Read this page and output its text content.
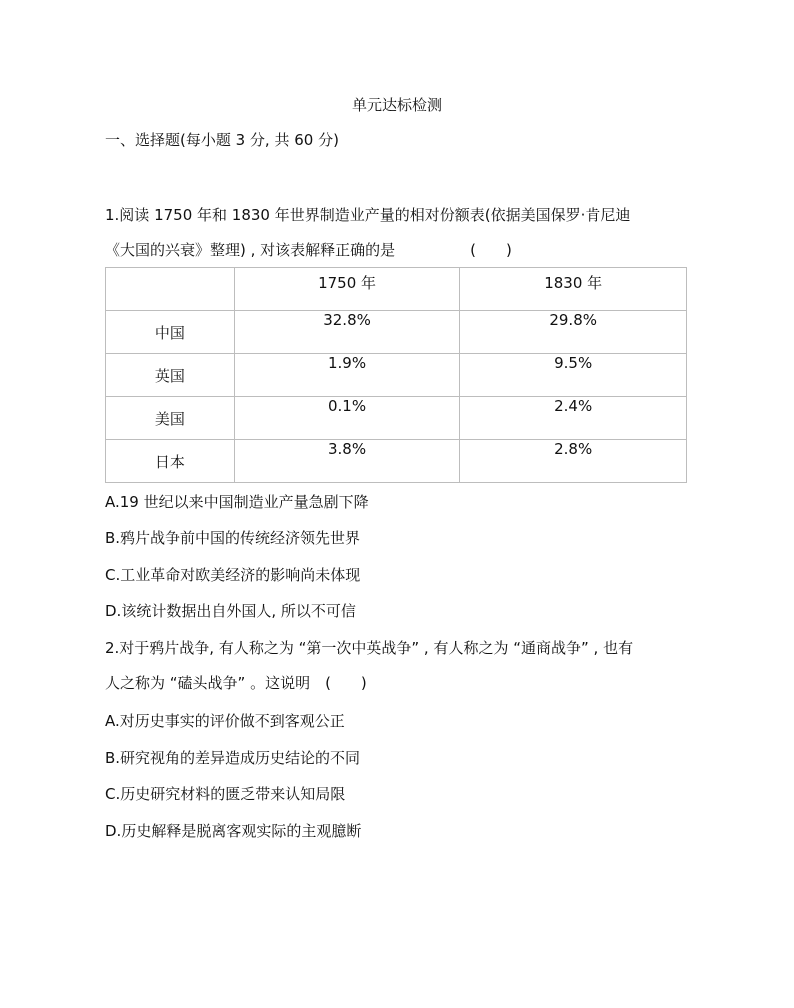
单元达标检测
一、选择题(每小题 3 分, 共 60 分)
1.阅读 1750 年和 1830 年世界制造业产量的相对份额表(依据美国保罗·肯尼迪
《大国的兴衰》整理) , 对该表解释正确的是　　　　　(　　)
	1750 年	1830 年
中国	32.8%	29.8%
英国	1.9%	9.5%
美国	0.1%	2.4%
日本	3.8%	2.8%
A.19 世纪以来中国制造业产量急剧下降
B.鸦片战争前中国的传统经济领先世界
C.工业革命对欧美经济的影响尚未体现
D.该统计数据出自外国人, 所以不可信
2.对于鸦片战争, 有人称之为 “第一次中英战争” , 有人称之为 “通商战争” , 也有
人之称为 “磕头战争” 。这说明　(　　)
A.对历史事实的评价做不到客观公正
B.研究视角的差异造成历史结论的不同
C.历史研究材料的匮乏带来认知局限
D.历史解释是脱离客观实际的主观臆断
